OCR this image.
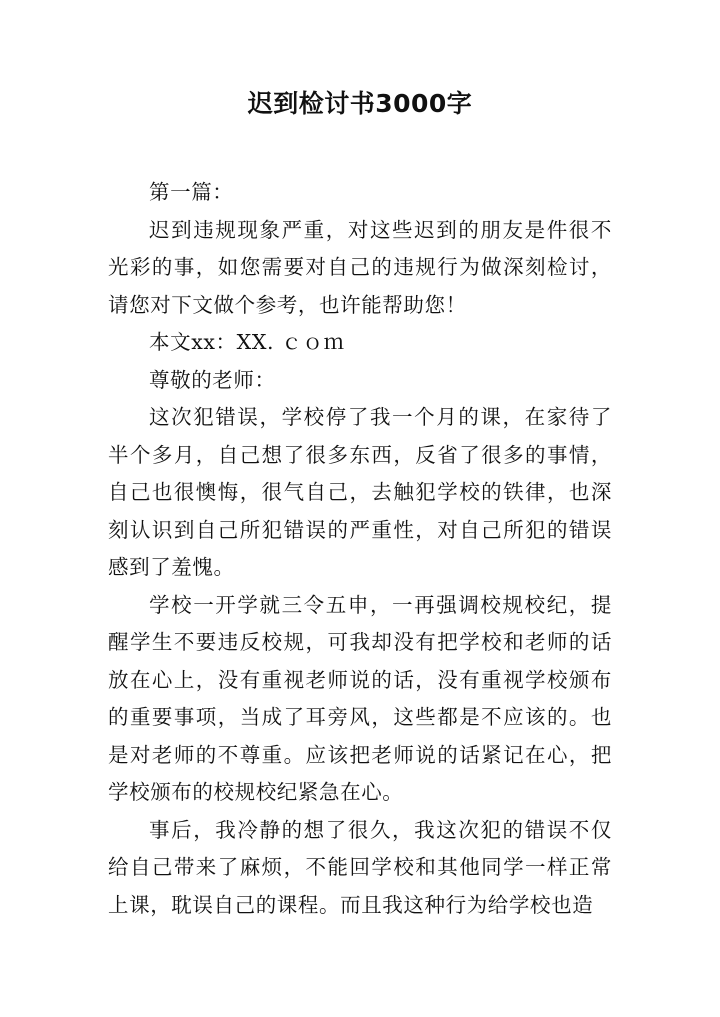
迟到检讨书3000字

第一篇：

迟到违规现象严重，对这些迟到的朋友是件很不光彩的事，如您需要对自己的违规行为做深刻检讨，请您对下文做个参考，也许能帮助您！

本文xx：XX. ｃｏｍ

尊敬的老师：

这次犯错误，学校停了我一个月的课，在家待了半个多月，自己想了很多东西，反省了很多的事情，自己也很懊悔，很气自己，去触犯学校的铁律，也深刻认识到自己所犯错误的严重性，对自己所犯的错误感到了羞愧。

学校一开学就三令五申，一再强调校规校纪，提醒学生不要违反校规，可我却没有把学校和老师的话放在心上，没有重视老师说的话，没有重视学校颁布的重要事项，当成了耳旁风，这些都是不应该的。也是对老师的不尊重。应该把老师说的话紧记在心，把学校颁布的校规校纪紧急在心。

事后，我冷静的想了很久，我这次犯的错误不仅给自己带来了麻烦，不能回学校和其他同学一样正常上课，耽误自己的课程。而且我这种行为给学校也造
